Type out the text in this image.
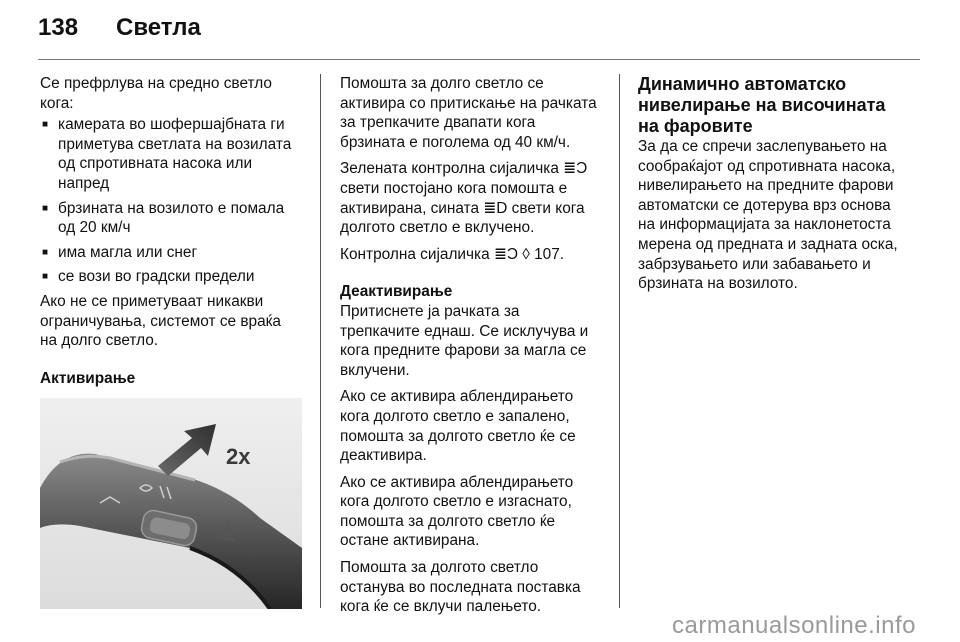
138	Светла

Се префрлува на средно светло кога:

■ камерата во шофершајбната ги приметува светлата на возилата од спротивната насока или напред
■ брзината на возилото е помала од 20 км/ч
■ има магла или снег
■ се вози во градски предели

Ако не се приметуваат никакви ограничувања, системот се враќа на долго светло.

Активирање

2x

Помошта за долго светло се активира со притискање на рачката за трепкачите двапати кога брзината е поголема од 40 км/ч.

Зелената контролна сијаличка ≣Ͻ свети постојано кога помошта е активирана, сината ≣D свети кога долгото светло е вклучено.

Контролна сијаличка ≣Ͻ ◊ 107.

Деактивирање

Притиснете ја рачката за трепкачите еднаш. Се исклучува и кога предните фарови за магла се вклучени.

Ако се активира аблендирањето кога долгото светло е запалено, помошта за долгото светло ќе се деактивира.

Ако се активира аблендирањето кога долгото светло е изгаснато, помошта за долгото светло ќе остане активирана.

Помошта за долгото светло останува во последната поставка кога ќе се вклучи палењето.

Динамично автоматско нивелирање на височината на фаровите

За да се спречи заслепувањето на сообраќајот од спротивната насока, нивелирањето на предните фарови автоматски се дотерува врз основа на информацијата за наклонетоста мерена од предната и задната оска, забрзувањето или забавањето и брзината на возилото.

carmanualsonline.info
